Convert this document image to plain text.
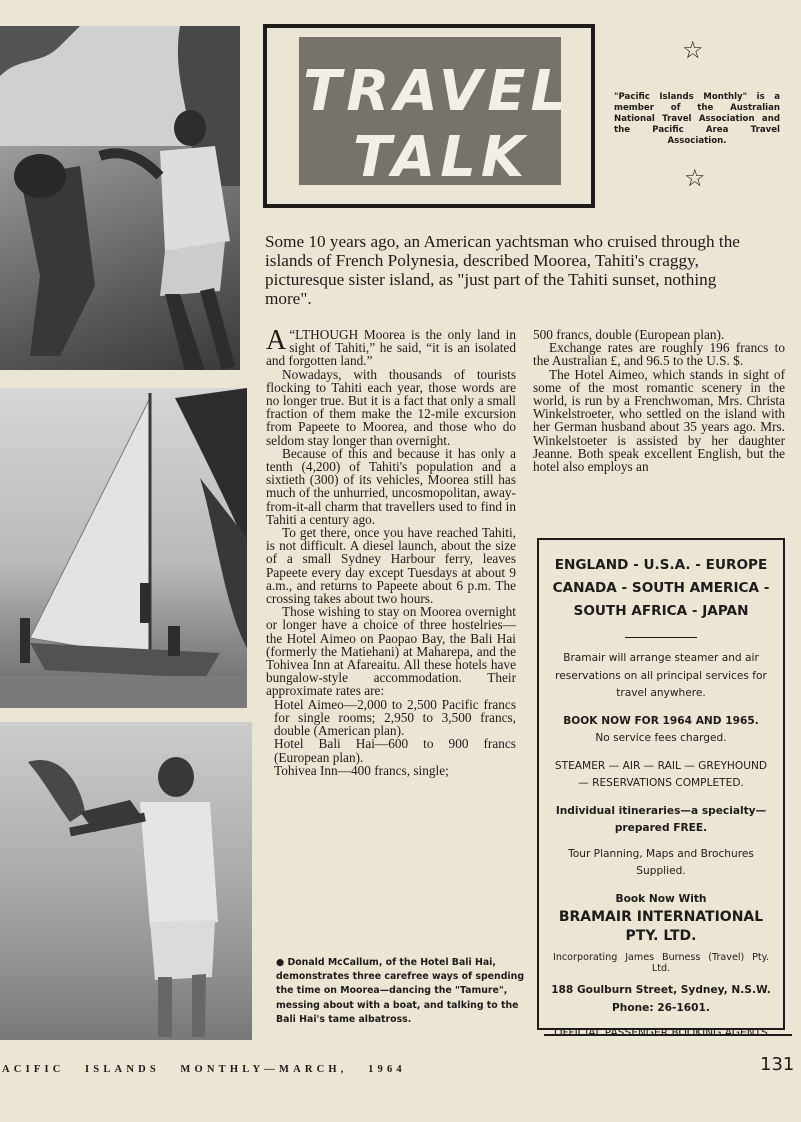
TRAVEL
TALK
☆
☆
"Pacific Islands Monthly" is a member of the Australian National Travel Association and the Pacific Area Travel Association.
Some 10 years ago, an American yachtsman who cruised through the islands of French Polynesia, described Moorea, Tahiti's craggy, picturesque sister island, as "just part of the Tahiti sunset, nothing more".

“
A LTHOUGH Moorea is the only land in sight of Tahiti,” he said, “it is an isolated and forgotten land.”

Nowadays, with thousands of tourists flocking to Tahiti each year, those words are no longer true. But it is a fact that only a small fraction of them make the 12-mile excursion from Papeete to Moorea, and those who do seldom stay longer than overnight.

Because of this and because it has only a tenth (4,200) of Tahiti's population and a sixtieth (300) of its vehicles, Moorea still has much of the unhurried, uncosmopolitan, away-from-it-all charm that travellers used to find in Tahiti a century ago.

To get there, once you have reached Tahiti, is not difficult. A diesel launch, about the size of a small Sydney Harbour ferry, leaves Papeete every day except Tuesdays at about 9 a.m., and returns to Papeete about 6 p.m. The crossing takes about two hours.

Those wishing to stay on Moorea overnight or longer have a choice of three hostelries—the Hotel Aimeo on Paopao Bay, the Bali Hai (formerly the Matiehani) at Maharepa, and the Tohivea Inn at Afareaitu. All these hotels have bungalow-style accommodation. Their approximate rates are:

Hotel Aimeo—2,000 to 2,500 Pacific francs for single rooms; 2,950 to 3,500 francs, double (American plan).

Hotel Bali Hai—600 to 900 francs (European plan).

Tohivea Inn—400 francs, single;

500 francs, double (European plan).

Exchange rates are roughly 196 francs to the Australian £, and 96.5 to the U.S. $.

The Hotel Aimeo, which stands in sight of some of the most romantic scenery in the world, is run by a Frenchwoman, Mrs. Christa Winkelstroeter, who settled on the island with her German husband about 35 years ago. Mrs. Winkelstoeter is assisted by her daughter Jeanne. Both speak excellent English, but the hotel also employs an

● Donald McCallum, of the Hotel Bali Hai, demonstrates three carefree ways of spending the time on Moorea—dancing the "Tamure", messing about with a boat, and talking to the Bali Hai's tame albatross.
ENGLAND - U.S.A. - EUROPE
CANADA - SOUTH AMERICA -
SOUTH AFRICA - JAPAN
Bramair will arrange steamer and air reservations on all principal services for travel anywhere.
BOOK NOW FOR 1964 AND 1965.
No service fees charged.
STEAMER — AIR — RAIL — GREYHOUND — RESERVATIONS COMPLETED.
Individual itineraries—a specialty—prepared FREE.
Tour Planning, Maps and Brochures Supplied.
Book Now With
BRAMAIR INTERNATIONAL
PTY. LTD.
Incorporating James Burness (Travel) Pty. Ltd.
188 Goulburn Street, Sydney, N.S.W.
Phone: 26-1601.
OFFICIAL PASSENGER BOOKING AGENTS
ACIFIC   ISLANDS   MONTHLY—MARCH,   1964	131
